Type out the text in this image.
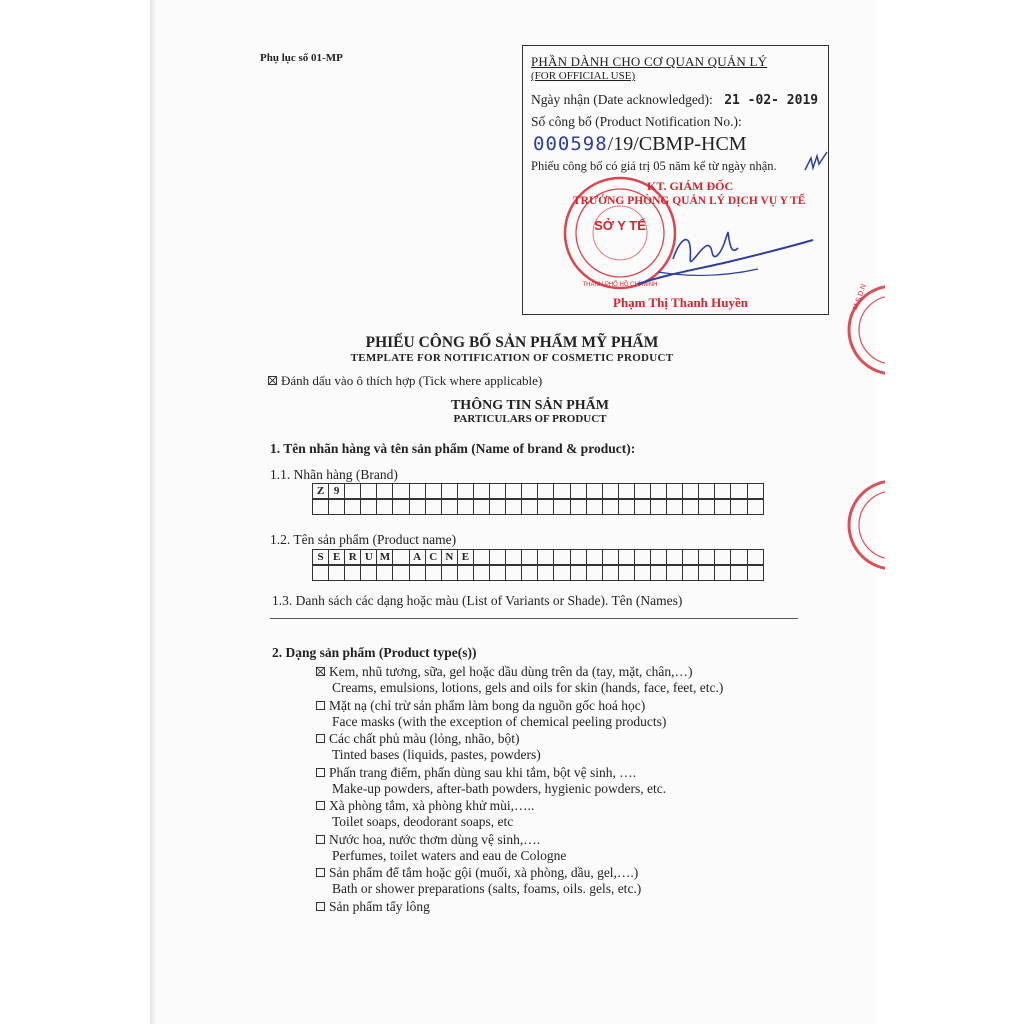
Phụ lục số 01-MP	PHẦN DÀNH CHO CƠ QUAN QUẢN LÝ
(FOR OFFICIAL USE)
Ngày nhận (Date acknowledged): 21 -02- 2019
Số công bố (Product Notification No.):
000598/19/CBMP-HCM
Phiếu công bố có giá trị 05 năm kể từ ngày nhận.
KT. GIÁM ĐỐC
TRƯỞNG PHÒNG QUẢN LÝ DỊCH VỤ Y TẾ
SỞ Y TẾ
THÀNH PHỐ HỒ CHÍ MINH
Phạm Thị Thanh Huyền	M.S.D.N
PHIẾU CÔNG BỐ SẢN PHẨM MỸ PHẨM
TEMPLATE FOR NOTIFICATION OF COSMETIC PRODUCT
Đánh dấu vào ô thích hợp (Tick where applicable)
THÔNG TIN SẢN PHẨM
PARTICULARS OF PRODUCT
1. Tên nhãn hàng và tên sản phẩm (Name of brand & product):
1.1. Nhãn hàng (Brand)
Z 9
1.2. Tên sản phẩm (Product name)
S E R U M	A C N E
1.3. Danh sách các dạng hoặc màu (List of Variants or Shade). Tên (Names)
2. Dạng sản phẩm (Product type(s))
Kem, nhũ tương, sữa, gel hoặc dầu dùng trên da (tay, mặt, chân,…)
Creams, emulsions, lotions, gels and oils for skin (hands, face, feet, etc.)
Mặt nạ (chỉ trừ sản phẩm làm bong da nguồn gốc hoá học)
Face masks (with the exception of chemical peeling products)
Các chất phủ màu (lỏng, nhão, bột)
Tinted bases (liquids, pastes, powders)
Phấn trang điểm, phấn dùng sau khi tắm, bột vệ sinh, ….
Make-up powders, after-bath powders, hygienic powders, etc.
Xà phòng tắm, xà phòng khử mùi,…..
Toilet soaps, deodorant soaps, etc
Nước hoa, nước thơm dùng vệ sinh,….
Perfumes, toilet waters and eau de Cologne
Sản phẩm để tắm hoặc gội (muối, xà phòng, dầu, gel,….)
Bath or shower preparations (salts, foams, oils. gels, etc.)
Sản phẩm tẩy lông
